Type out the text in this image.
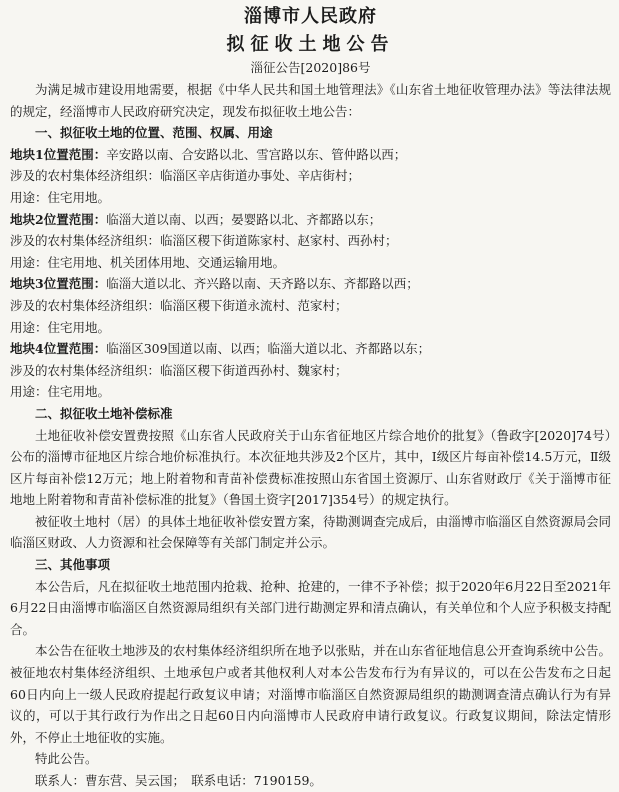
淄博市人民政府
拟征收土地公告
淄征公告[2020]86号

为满足城市建设用地需要，根据《中华人民共和国土地管理法》《山东省土地征收管理办法》等法律法规的规定，经淄博市人民政府研究决定，现发布拟征收土地公告：

一、拟征收土地的位置、范围、权属、用途

地块1位置范围：辛安路以南、合安路以北、雪宫路以东、管仲路以西；

涉及的农村集体经济组织：临淄区辛店街道办事处、辛店街村；

用途：住宅用地。

地块2位置范围：临淄大道以南、以西；晏婴路以北、齐都路以东；

涉及的农村集体经济组织：临淄区稷下街道陈家村、赵家村、西孙村；

用途：住宅用地、机关团体用地、交通运输用地。

地块3位置范围：临淄大道以北、齐兴路以南、天齐路以东、齐都路以西；

涉及的农村集体经济组织：临淄区稷下街道永流村、范家村；

用途：住宅用地。

地块4位置范围：临淄区309国道以南、以西；临淄大道以北、齐都路以东；

涉及的农村集体经济组织：临淄区稷下街道西孙村、魏家村；

用途：住宅用地。

二、拟征收土地补偿标准

土地征收补偿安置费按照《山东省人民政府关于山东省征地区片综合地价的批复》（鲁政字[2020]74号）公布的淄博市征地区片综合地价标准执行。本次征地共涉及2个区片，其中，Ⅰ级区片每亩补偿14.5万元，Ⅱ级区片每亩补偿12万元；地上附着物和青苗补偿费标准按照山东省国土资源厅、山东省财政厅《关于淄博市征地地上附着物和青苗补偿标准的批复》（鲁国土资字[2017]354号）的规定执行。

被征收土地村（居）的具体土地征收补偿安置方案，待勘测调查完成后，由淄博市临淄区自然资源局会同临淄区财政、人力资源和社会保障等有关部门制定并公示。

三、其他事项

本公告后，凡在拟征收土地范围内抢栽、抢种、抢建的，一律不予补偿；拟于2020年6月22日至2021年6月22日由淄博市临淄区自然资源局组织有关部门进行勘测定界和清点确认，有关单位和个人应予积极支持配合。

本公告在征收土地涉及的农村集体经济组织所在地予以张贴，并在山东省征地信息公开查询系统中公告。被征地农村集体经济组织、土地承包户或者其他权利人对本公告发布行为有异议的，可以在公告发布之日起60日内向上一级人民政府提起行政复议申请；对淄博市临淄区自然资源局组织的勘测调查清点确认行为有异议的，可以于其行政行为作出之日起60日内向淄博市人民政府申请行政复议。行政复议期间，除法定情形外，不停止土地征收的实施。

特此公告。

联系人：曹东营、吴云国；　联系电话：7190159。
